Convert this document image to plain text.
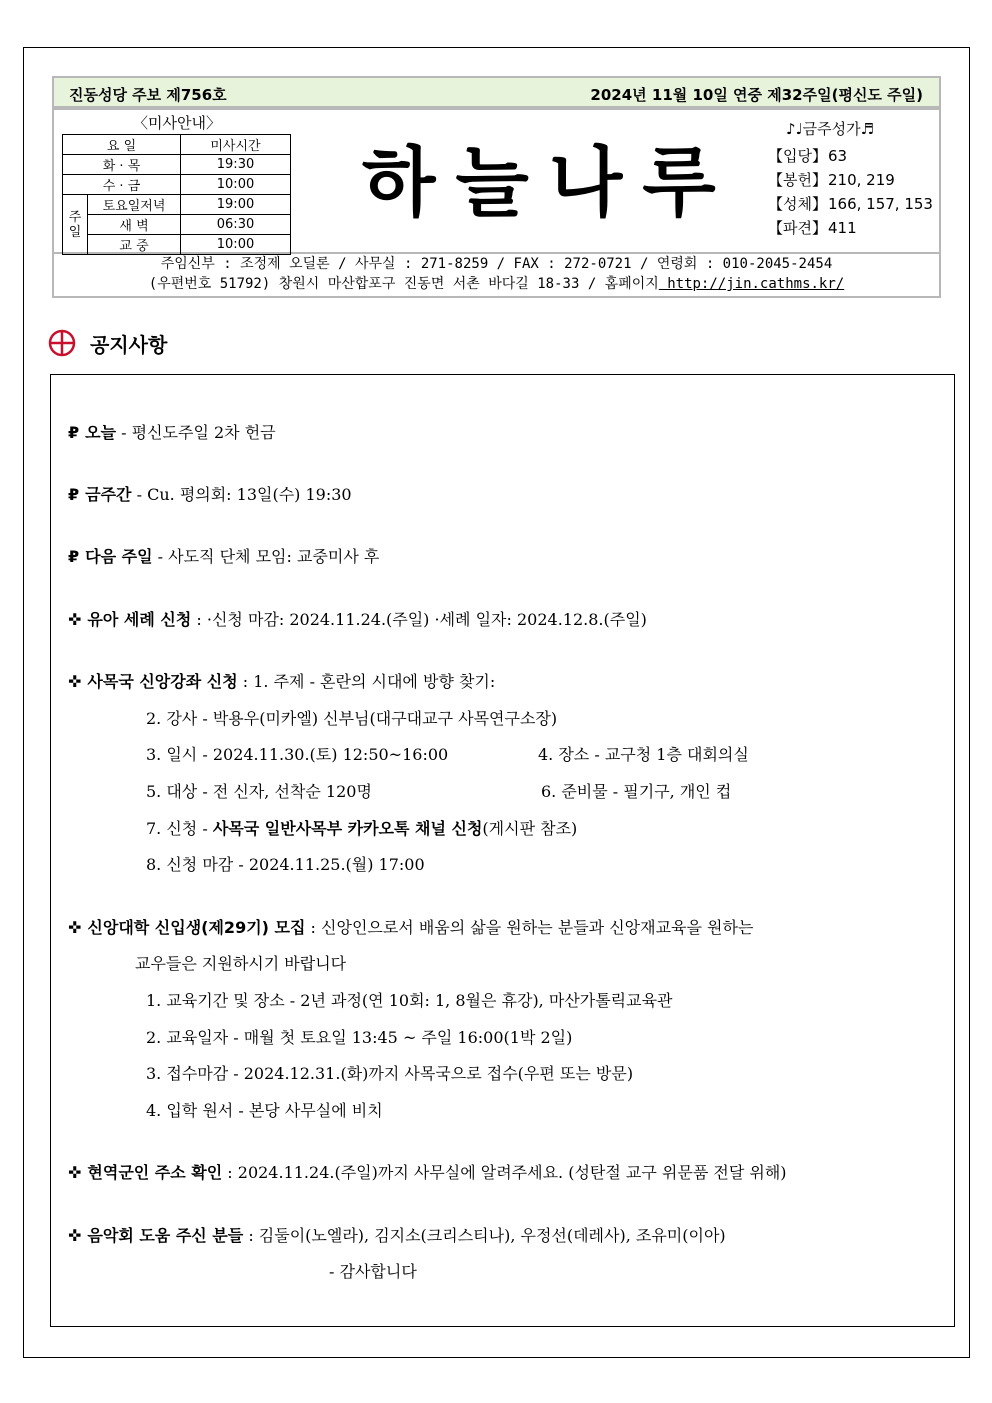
진동성당 주보 제756호	2024년 11월 10일 연중 제32주일(평신도 주일)
〈미사안내〉
요 일		미사시간
화 · 목		19:30
수 · 금		10:00
주일	토요일저녁	19:00
	새 벽	06:30
	교 중	10:00
하늘나루
♪♩금주성가♬
【입당】63
【봉헌】210, 219
【성체】166, 157, 153
【파견】411
주임신부 : 조정제 오딜론 / 사무실 : 271-8259 / FAX : 272-0721 / 연령회 : 010-2045-2454
(우편번호 51792) 창원시 마산합포구 진동면 서촌 바다길 18-33 / 홈페이지 http://jin.cathms.kr/
공지사항
₽ 오늘 - 평신도주일 2차 헌금
₽ 금주간 - Cu. 평의회: 13일(수) 19:30
₽ 다음 주일 - 사도직 단체 모임: 교중미사 후
✜ 유아 세례 신청 : ·신청 마감: 2024.11.24.(주일) ·세례 일자: 2024.12.8.(주일)
✜ 사목국 신앙강좌 신청 : 1. 주제 - 혼란의 시대에 방향 찾기:
2. 강사 - 박용우(미카엘) 신부님(대구대교구 사목연구소장)
3. 일시 - 2024.11.30.(토) 12:50~16:00	4. 장소 - 교구청 1층 대회의실
5. 대상 - 전 신자, 선착순 120명	6. 준비물 - 필기구, 개인 컵
7. 신청 - 사목국 일반사목부 카카오톡 채널 신청(게시판 참조)
8. 신청 마감 - 2024.11.25.(월) 17:00
✜ 신앙대학 신입생(제29기) 모집 : 신앙인으로서 배움의 삶을 원하는 분들과 신앙재교육을 원하는
교우들은 지원하시기 바랍니다
1. 교육기간 및 장소 - 2년 과정(연 10회: 1, 8월은 휴강), 마산가톨릭교육관
2. 교육일자 - 매월 첫 토요일 13:45 ~ 주일 16:00(1박 2일)
3. 접수마감 - 2024.12.31.(화)까지 사목국으로 접수(우편 또는 방문)
4. 입학 원서 - 본당 사무실에 비치
✜ 현역군인 주소 확인 : 2024.11.24.(주일)까지 사무실에 알려주세요. (성탄절 교구 위문품 전달 위해)
✜ 음악회 도움 주신 분들 : 김둘이(노엘라), 김지소(크리스티나), 우정선(데레사), 조유미(이아)
- 감사합니다
